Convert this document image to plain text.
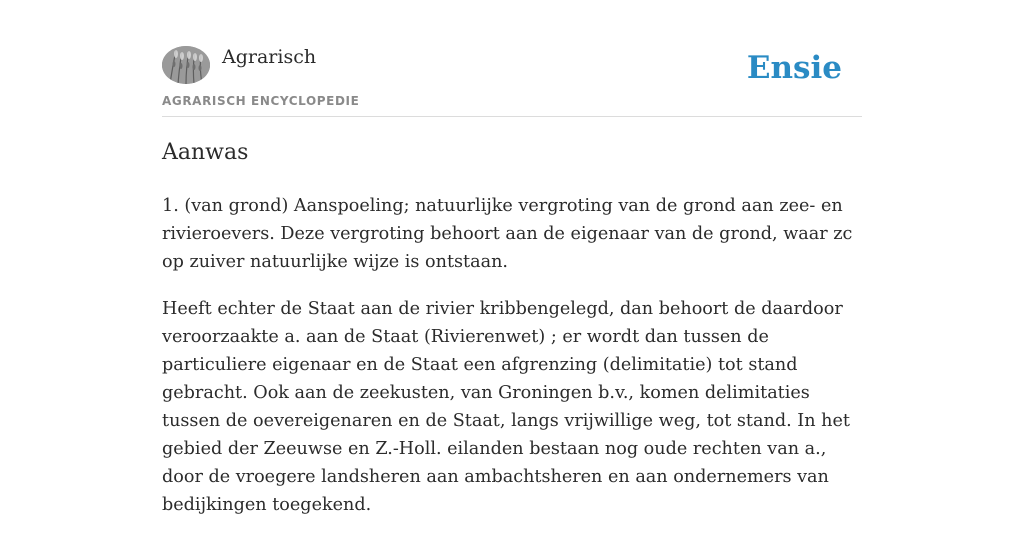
Agrarisch
AGRARISCH ENCYCLOPEDIE
Ensie
Aanwas

1. (van grond) Aanspoeling; natuurlijke vergroting van de grond aan zee- en rivieroevers. Deze vergroting behoort aan de eigenaar van de grond, waar zc op zuiver natuurlijke wijze is ontstaan.

Heeft echter de Staat aan de rivier kribbengelegd, dan behoort de daardoor veroorzaakte a. aan de Staat (Rivierenwet) ; er wordt dan tussen de particuliere eigenaar en de Staat een afgrenzing (delimitatie) tot stand gebracht. Ook aan de zeekusten, van Groningen b.v., komen delimitaties tussen de oevereigenaren en de Staat, langs vrijwillige weg, tot stand. In het gebied der Zeeuwse en Z.-Holl. eilanden bestaan nog oude rechten van a., door de vroegere landsheren aan ambachtsheren en aan ondernemers van bedijkingen toegekend.
